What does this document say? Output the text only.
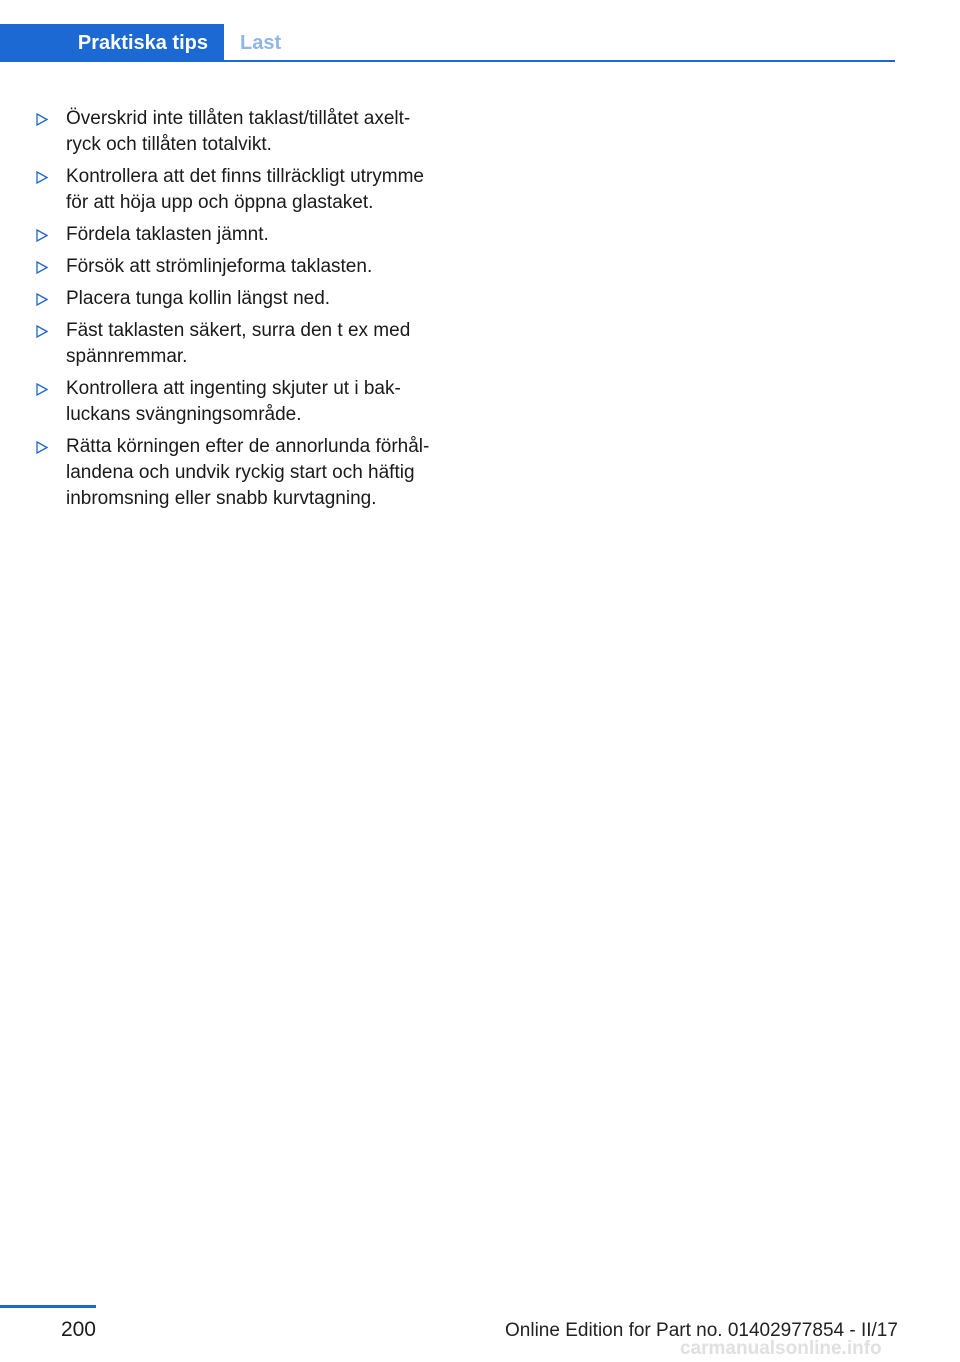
Praktiska tips	Last
Överskrid inte tillåten taklast/tillåtet axelt-
ryck och tillåten totalvikt.
Kontrollera att det finns tillräckligt utrymme
för att höja upp och öppna glastaket.
Fördela taklasten jämnt.
Försök att strömlinjeforma taklasten.
Placera tunga kollin längst ned.
Fäst taklasten säkert, surra den t ex med
spännremmar.
Kontrollera att ingenting skjuter ut i bak-
luckans svängningsområde.
Rätta körningen efter de annorlunda förhål-
landena och undvik ryckig start och häftig
inbromsning eller snabb kurvtagning.
200
carmanualsonline.info
Online Edition for Part no. 01402977854 - II/17
